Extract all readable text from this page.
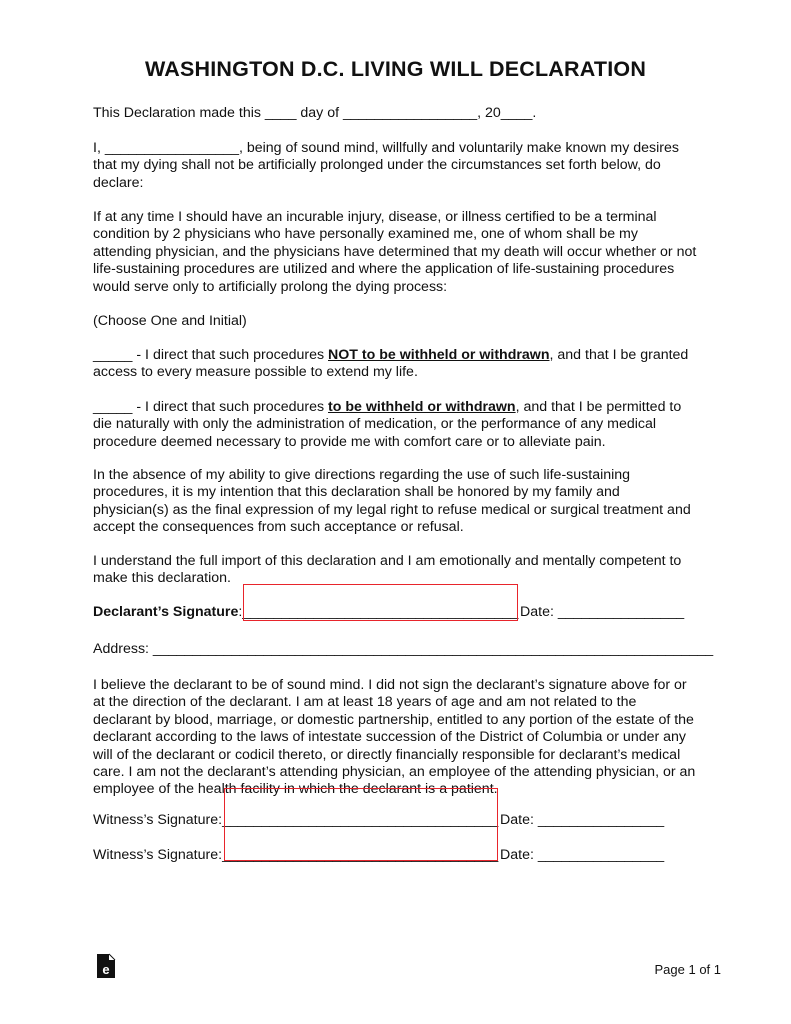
WASHINGTON D.C. LIVING WILL DECLARATION
This Declaration made this ____ day of _________________, 20____.
I, _________________, being of sound mind, willfully and voluntarily make known my desires
that my dying shall not be artificially prolonged under the circumstances set forth below, do
declare:
If at any time I should have an incurable injury, disease, or illness certified to be a terminal
condition by 2 physicians who have personally examined me, one of whom shall be my
attending physician, and the physicians have determined that my death will occur whether or not
life-sustaining procedures are utilized and where the application of life-sustaining procedures
would serve only to artificially prolong the dying process:
(Choose One and Initial)
_____ - I direct that such procedures NOT to be withheld or withdrawn, and that I be granted
access to every measure possible to extend my life.
_____ - I direct that such procedures to be withheld or withdrawn, and that I be permitted to
die naturally with only the administration of medication, or the performance of any medical
procedure deemed necessary to provide me with comfort care or to alleviate pain.
In the absence of my ability to give directions regarding the use of such life-sustaining
procedures, it is my intention that this declaration shall be honored by my family and
physician(s) as the final expression of my legal right to refuse medical or surgical treatment and
accept the consequences from such acceptance or refusal.
I understand the full import of this declaration and I am emotionally and mentally competent to
make this declaration.
Declarant’s Signature:___________________________________ Date: ________________
Address: _______________________________________________________________________
I believe the declarant to be of sound mind. I did not sign the declarant’s signature above for or
at the direction of the declarant. I am at least 18 years of age and am not related to the
declarant by blood, marriage, or domestic partnership, entitled to any portion of the estate of the
declarant according to the laws of intestate succession of the District of Columbia or under any
will of the declarant or codicil thereto, or directly financially responsible for declarant’s medical
care. I am not the declarant’s attending physician, an employee of the attending physician, or an
employee of the health facility in which the declarant is a patient.
Witness’s Signature:___________________________________ Date: ________________
Witness’s Signature:___________________________________ Date: ________________
e	Page 1 of 1
